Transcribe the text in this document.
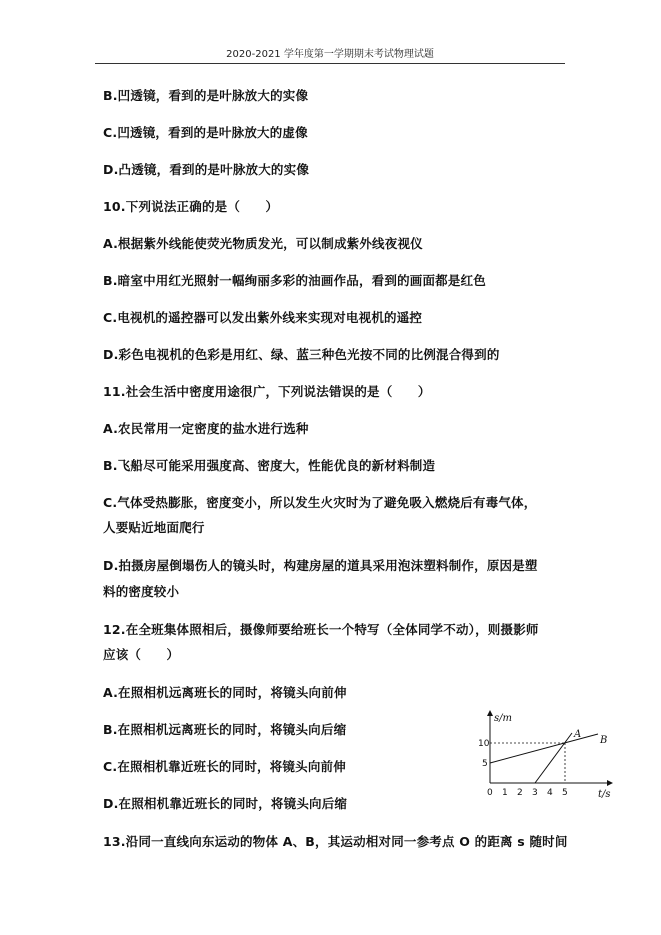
2020-2021 学年度第一学期期末考试物理试题
B.凹透镜，看到的是叶脉放大的实像
C.凹透镜，看到的是叶脉放大的虚像
D.凸透镜，看到的是叶脉放大的实像
10.下列说法正确的是（　　）
A.根据紫外线能使荧光物质发光，可以制成紫外线夜视仪
B.暗室中用红光照射一幅绚丽多彩的油画作品，看到的画面都是红色
C.电视机的遥控器可以发出紫外线来实现对电视机的遥控
D.彩色电视机的色彩是用红、绿、蓝三种色光按不同的比例混合得到的
11.社会生活中密度用途很广，下列说法错误的是（　　）
A.农民常用一定密度的盐水进行选种
B.飞船尽可能采用强度高、密度大，性能优良的新材料制造
C.气体受热膨胀，密度变小，所以发生火灾时为了避免吸入燃烧后有毒气体，
人要贴近地面爬行
D.拍摄房屋倒塌伤人的镜头时，构建房屋的道具采用泡沫塑料制作，原因是塑
料的密度较小
12.在全班集体照相后，摄像师要给班长一个特写（全体同学不动），则摄影师
应该（　　）
A.在照相机远离班长的同时，将镜头向前伸
B.在照相机远离班长的同时，将镜头向后缩
C.在照相机靠近班长的同时，将镜头向前伸
D.在照相机靠近班长的同时，将镜头向后缩
13.沿同一直线向东运动的物体 A、B，其运动相对同一参考点 O 的距离 s 随时间
s/m
t/s
A
B
10
5
0 1 2 3 4 5
